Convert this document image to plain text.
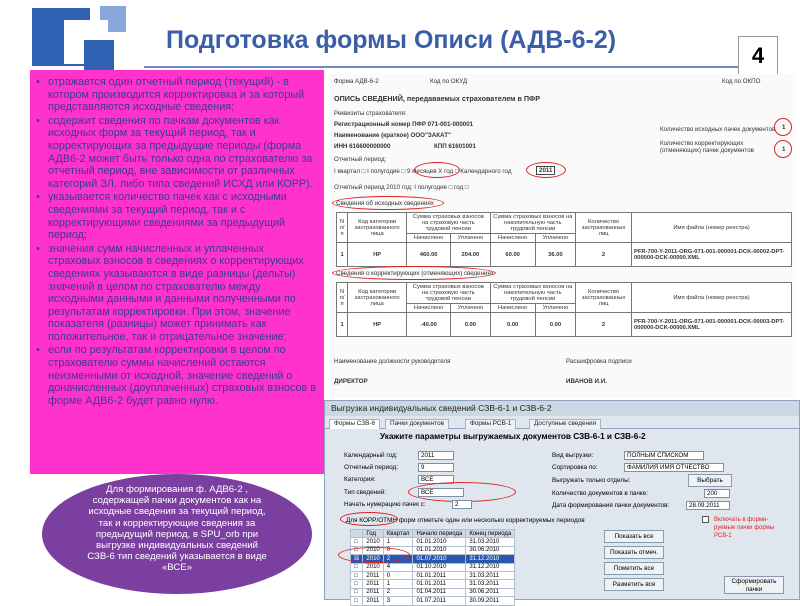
Подготовка формы Описи (АДВ-6-2)
4
• отражается один отчетный период (текущий) - в котором производится корректировка и за который представляются исходные сведения;
• содержит сведения по пачкам документов как исходных форм за текущий период, так и корректирующих за предыдущие периоды (форма АДВ6-2 может быть только одна по страхователю за отчетный период, вне зависимости от различных категорий ЗЛ, либо типа сведений ИСХД или КОРР).
• указывается количество пачек как с исходными сведениями за текущий период, так и с корректирующими сведениями за предыдущий период;
• значения сумм начисленных и уплаченных страховых взносов в сведениях о корректирующих сведениях указываются в виде разницы (дельты) значений в целом по страхователю между исходными данными и данными полученными по результатам корректировки. При этом, значение показателя (разницы) может принимать как положительное, так и отрицательное значение;
• если по результатам корректировки в целом по страхователю суммы начислений остаются неизменными от исходной, значение сведений о доначисленных (доуплаченных) страховых взносов в форме АДВ6-2 будет равно нулю.
Для формирования ф. АДВ6-2 , содержащей пачки документов как на исходные сведения за текущий период, так и корректирующие сведения за предыдущий период, в SPU_orb при выгрузке индивидуальных сведений СЗВ-6 тип сведений указывается в виде «ВСЕ»
Форма АДВ-6-2	Код по ОКУД	Код по ОКПО
ОПИСЬ СВЕДЕНИЙ, передаваемых страхователем в ПФР
Реквизиты страхователя:
Регистрационный номер ПФР 071-001-000001
Наименование (краткое) ООО"ЗАКАТ"
ИНН 616600000000	КПП 61601001
Количество исходных пачек документов 1
Количество корректирующих (отменяющих) пачек документов	1
Отчетный период:
I квартал □ I полугодие □ 9 месяцев X год □ Календарного год	2011
Отчетный период 2010 год: I полугодие □ год □
Сведения об исходных сведениях
N п/п	Код категории застрахованного лица	Сумма страховых взносов на страховую часть трудовой пенсии		Сумма страховых взносов на накопительную часть трудовой пенсии		Количество застрахованных лиц	Имя файла (номер реестра)
		Начислено	Уплачено	Начислено	Уплачено		
1	НР	460.00	204.00	60.00	36.00	2	PFR-700-Y-2011-ORG-071-001-000001-DCK-00002-DPT-000000-DCK-00000.XML
Сведения о корректирующих (отменяющих) сведениях
N п/п	Код категории застрахованного лица	Сумма страховых взносов на страховую часть трудовой пенсии		Сумма страховых взносов на накопительную часть трудовой пенсии		Количество застрахованных лиц	Имя файла (номер реестра)
		Начислено	Уплачено	Начислено	Уплачено		
1	НР	-40.00	0.00	0.00	0.00	2	PFR-700-Y-2011-ORG-071-001-000001-DCK-00003-DPT-000000-DCK-00000.XML
Наименование должности руководителя	Расшифровка подписи
ДИРЕКТОР	ИВАНОВ И.И.
Выгрузка индивидуальных сведений СЗВ-6-1 и СЗВ-6-2
Формы СЗВ-6	Пачки документов	Формы РСВ-1	Доступные сведения
Укажите параметры выгружаемых документов СЗВ-6-1 и СЗВ-6-2
Календарный год:	2011
Отчетный период:	9
Категория:	ВСЕ
Тип сведений:	ВСЕ
Начать нумерацию пачек с:	2
Вид выгрузки:	ПОЛНЫМ СПИСКОМ
Сортировка по:	ФАМИЛИЯ ИМЯ ОТЧЕСТВО
Выгружать только отделы:	Выбрать
Количество документов в пачке:	200
Дата формирования пачки документов:	28.09.2011
Для КОРР/ОТМН форм отметьте один или несколько корректируемых периодов
	Год	Квартал	Начало периода	Конец периода
□	2010	1	01.01.2010	31.03.2010
□	2010	0	01.01.2010	30.06.2010
☒	2010	2	01.07.2010	31.12.2010
□	2010	4	01.10.2010	31.12.2010
□	2011	0	01.01.2011	31.03.2011
□	2011	1	01.01.2011	31.03.2011
□	2011	2	01.04.2011	30.06.2011
□	2011	3	01.07.2011	30.09.2011
Показать все
Показать отмеч.
Пометить все
Разметить все	Сформировать пачки
Включать в форми-руемые пачки формы РСВ-1
